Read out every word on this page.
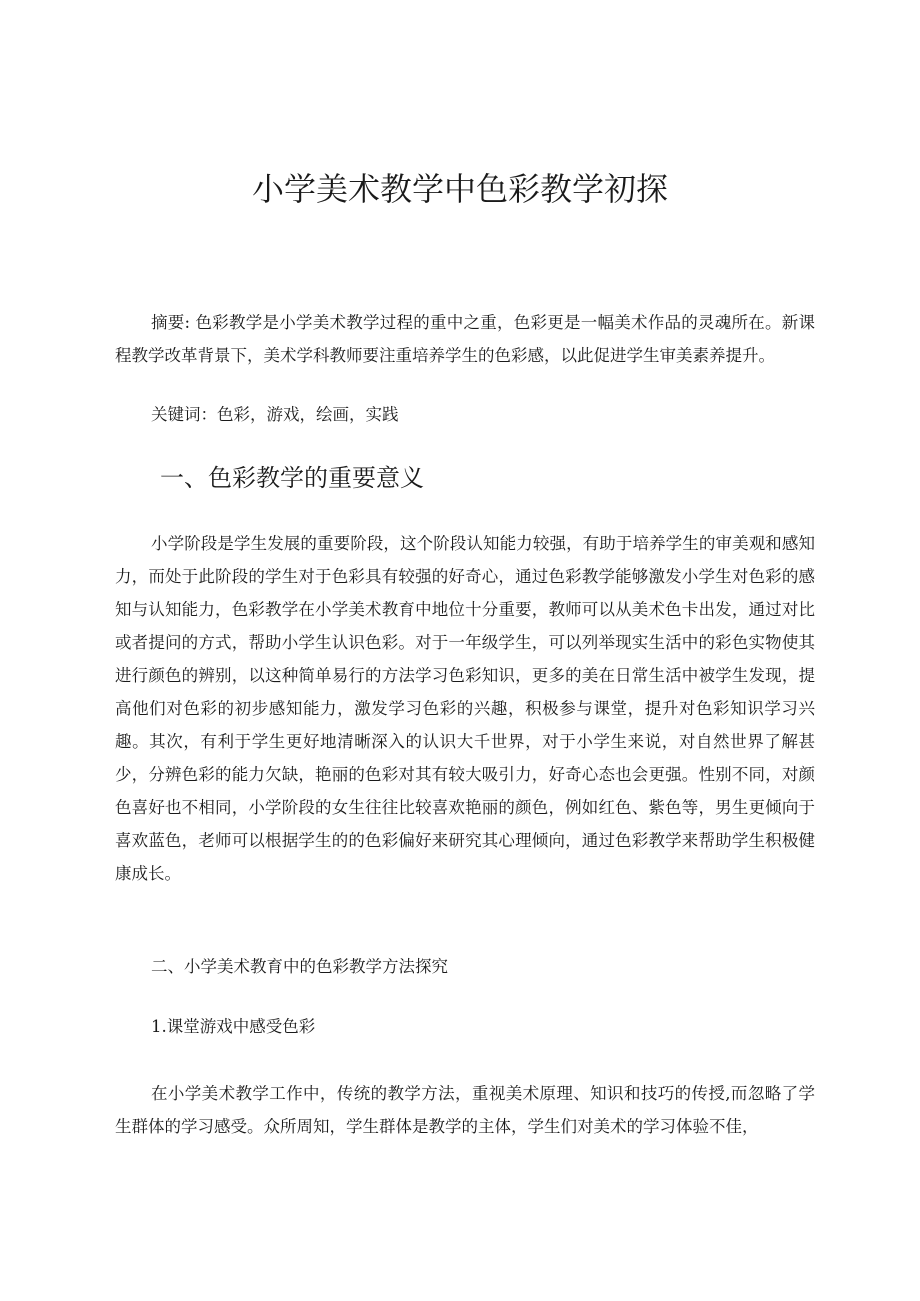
小学美术教学中色彩教学初探

摘要: 色彩教学是小学美术教学过程的重中之重，色彩更是一幅美术作品的灵魂所在。新课程教学改革背景下，美术学科教师要注重培养学生的色彩感，以此促进学生审美素养提升。

关键词：色彩，游戏，绘画，实践

一、色彩教学的重要意义

小学阶段是学生发展的重要阶段，这个阶段认知能力较强，有助于培养学生的审美观和感知力，而处于此阶段的学生对于色彩具有较强的好奇心，通过色彩教学能够激发小学生对色彩的感知与认知能力，色彩教学在小学美术教育中地位十分重要，教师可以从美术色卡出发，通过对比或者提问的方式，帮助小学生认识色彩。对于一年级学生，可以列举现实生活中的彩色实物使其进行颜色的辨别，以这种简单易行的方法学习色彩知识，更多的美在日常生活中被学生发现，提高他们对色彩的初步感知能力，激发学习色彩的兴趣，积极参与课堂，提升对色彩知识学习兴趣。其次，有利于学生更好地清晰深入的认识大千世界，对于小学生来说，对自然世界了解甚少，分辨色彩的能力欠缺，艳丽的色彩对其有较大吸引力，好奇心态也会更强。性别不同，对颜色喜好也不相同，小学阶段的女生往往比较喜欢艳丽的颜色，例如红色、紫色等，男生更倾向于喜欢蓝色，老师可以根据学生的的色彩偏好来研究其心理倾向，通过色彩教学来帮助学生积极健康成长。

二、小学美术教育中的色彩教学方法探究
1.课堂游戏中感受色彩

在小学美术教学工作中，传统的教学方法，重视美术原理、知识和技巧的传授,而忽略了学生群体的学习感受。众所周知，学生群体是教学的主体，学生们对美术的学习体验不佳，
